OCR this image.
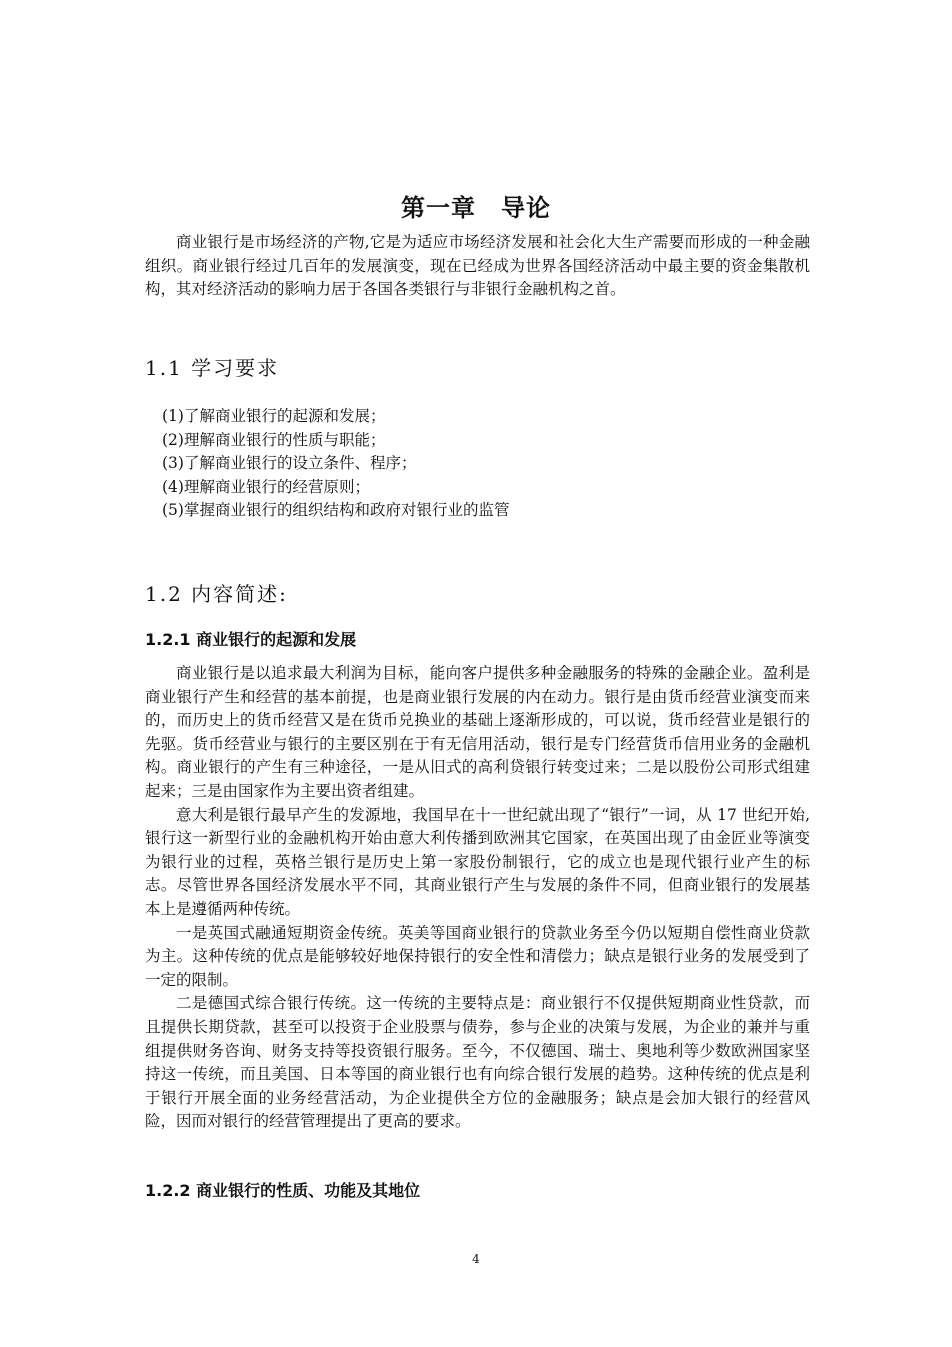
第一章　导论

商业银行是市场经济的产物,它是为适应市场经济发展和社会化大生产需要而形成的一种金融组织。商业银行经过几百年的发展演变，现在已经成为世界各国经济活动中最主要的资金集散机构，其对经济活动的影响力居于各国各类银行与非银行金融机构之首。

1.1 学习要求
(1)了解商业银行的起源和发展；
(2)理解商业银行的性质与职能；
(3)了解商业银行的设立条件、程序；
(4)理解商业银行的经营原则；
(5)掌握商业银行的组织结构和政府对银行业的监管
1.2 内容简述:
1.2.1 商业银行的起源和发展

商业银行是以追求最大利润为目标，能向客户提供多种金融服务的特殊的金融企业。盈利是商业银行产生和经营的基本前提，也是商业银行发展的内在动力。银行是由货币经营业演变而来的，而历史上的货币经营又是在货币兑换业的基础上逐渐形成的，可以说，货币经营业是银行的先驱。货币经营业与银行的主要区别在于有无信用活动，银行是专门经营货币信用业务的金融机构。商业银行的产生有三种途径，一是从旧式的高利贷银行转变过来；二是以股份公司形式组建起来；三是由国家作为主要出资者组建。

意大利是银行最早产生的发源地，我国早在十一世纪就出现了“银行”一词，从 17 世纪开始,银行这一新型行业的金融机构开始由意大利传播到欧洲其它国家，在英国出现了由金匠业等演变为银行业的过程，英格兰银行是历史上第一家股份制银行，它的成立也是现代银行业产生的标志。尽管世界各国经济发展水平不同，其商业银行产生与发展的条件不同，但商业银行的发展基本上是遵循两种传统。

一是英国式融通短期资金传统。英美等国商业银行的贷款业务至今仍以短期自偿性商业贷款为主。这种传统的优点是能够较好地保持银行的安全性和清偿力；缺点是银行业务的发展受到了一定的限制。

二是德国式综合银行传统。这一传统的主要特点是：商业银行不仅提供短期商业性贷款，而且提供长期贷款，甚至可以投资于企业股票与债券，参与企业的决策与发展，为企业的兼并与重组提供财务咨询、财务支持等投资银行服务。至今，不仅德国、瑞士、奥地利等少数欧洲国家坚持这一传统，而且美国、日本等国的商业银行也有向综合银行发展的趋势。这种传统的优点是利于银行开展全面的业务经营活动，为企业提供全方位的金融服务；缺点是会加大银行的经营风险，因而对银行的经营管理提出了更高的要求。

1.2.2 商业银行的性质、功能及其地位
4
